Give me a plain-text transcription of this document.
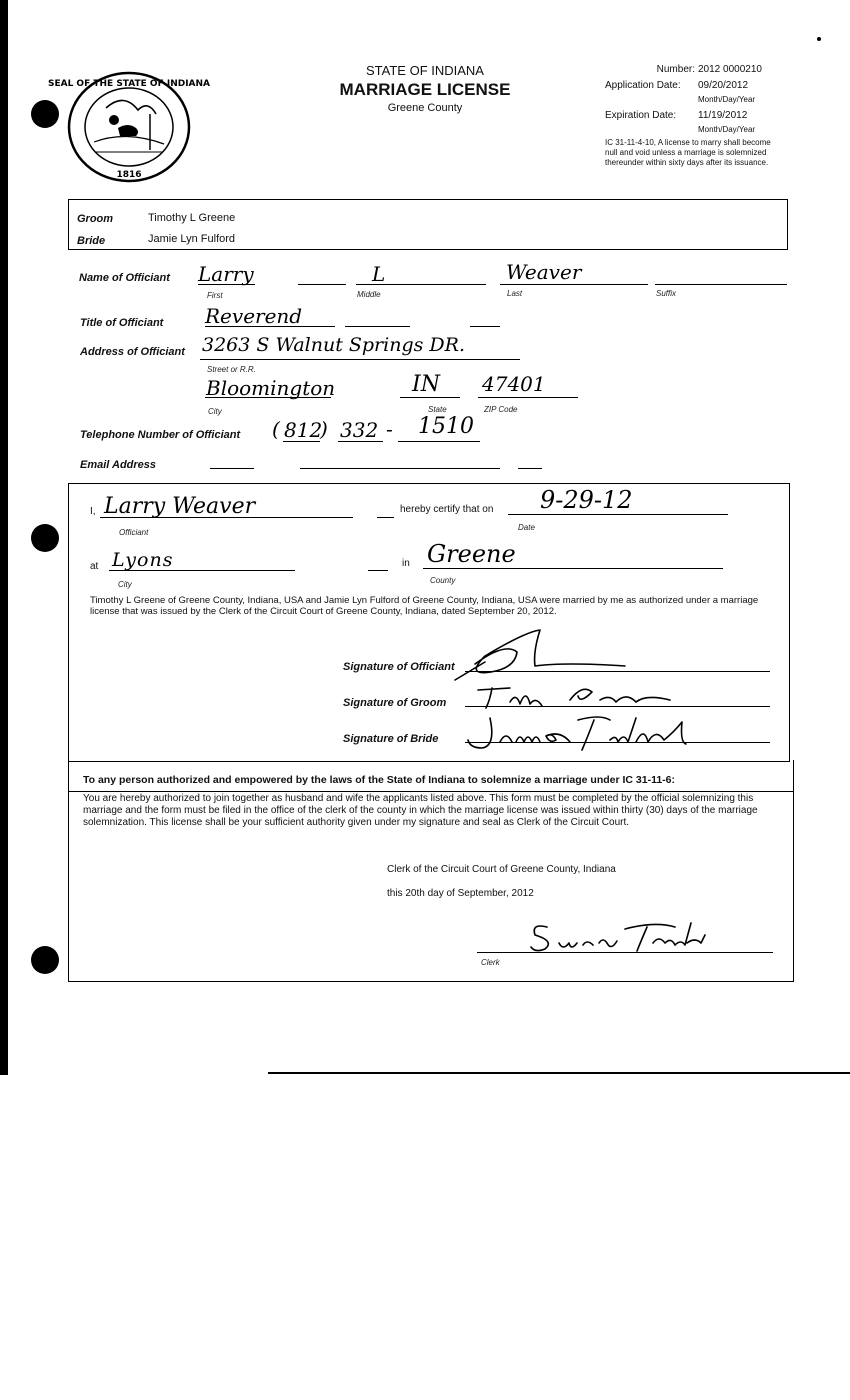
SEAL OF THE STATE OF INDIANA
1816
STATE OF INDIANA
MARRIAGE LICENSE
Greene County
Number: 2012 0000210
Application Date: 09/20/2012
Month/Day/Year
Expiration Date: 11/19/2012
Month/Day/Year
IC 31-11-4-10, A license to marry shall become null and void unless a marriage is solemnized thereunder within sixty days after its issuance.
Groom	Timothy L Greene
Bride	Jamie Lyn Fulford
Name of Officiant Larry	L	Weaver
First	Middle	Last	Suffix
Title of Officiant Reverend
Address of Officiant 3263 S Walnut Springs DR.
Street or R.R.
Bloomington	IN 47401
City	State	ZIP Code
Telephone Number of Officiant ( 812
) 332 - 1510
Email Address
I, Larry Weaver
Officiant
hereby certify that on 9-29-12
Date
at Lyons
City
in Greene
County
Timothy L Greene of Greene County, Indiana, USA and Jamie Lyn Fulford of Greene County, Indiana, USA were married by me as authorized under a marriage license that was issued by the Clerk of the Circuit Court of Greene County, Indiana, dated September 20, 2012.
Signature of Officiant
Signature of Groom
Signature of Bride
To any person authorized and empowered by the laws of the State of Indiana to solemnize a marriage under IC 31-11-6:
You are hereby authorized to join together as husband and wife the applicants listed above. This form must be completed by the official solemnizing this marriage and the form must be filed in the office of the clerk of the county in which the marriage license was issued within thirty (30) days of the marriage solemnization. This license shall be your sufficient authority given under my signature and seal as Clerk of the Circuit Court.
Clerk of the Circuit Court of Greene County, Indiana
this 20th day of September, 2012
Clerk
